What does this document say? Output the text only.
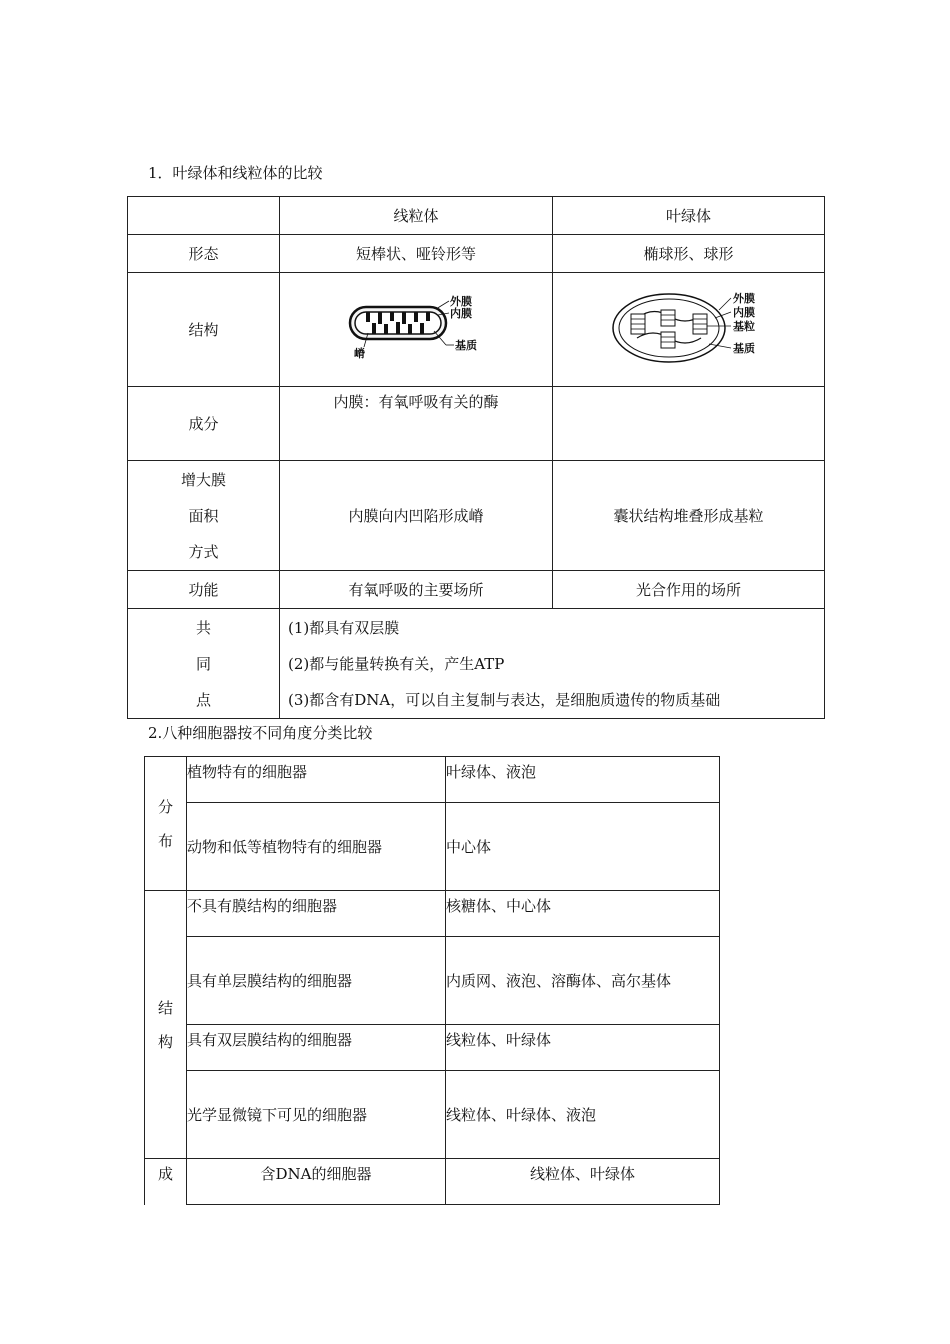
1．叶绿体和线粒体的比较
	线粒体	叶绿体
形态	短棒状、哑铃形等	椭球形、球形
结构	外膜
内膜
基质
嵴	外膜
内膜
基粒
基质

成分	内膜：有氧呼吸有关的酶	

增大膜
面积
方式	内膜向内凹陷形成嵴	囊状结构堆叠形成基粒
功能	有氧呼吸的主要场所	光合作用的场所

共
同
点	(1)都具有双层膜
(2)都与能量转换有关，产生ATP
(3)都含有DNA，可以自主复制与表达，是细胞质遗传的物质基础	
2.八种细胞器按不同角度分类比较
分
布	植物特有的细胞器	叶绿体、液泡
	动物和低等植物特有的细胞器	中心体

结
构	不具有膜结构的细胞器	核糖体、中心体
	具有单层膜结构的细胞器	内质网、液泡、溶酶体、高尔基体
	具有双层膜结构的细胞器	线粒体、叶绿体
	光学显微镜下可见的细胞器	线粒体、叶绿体、液泡
成	含DNA的细胞器	线粒体、叶绿体
